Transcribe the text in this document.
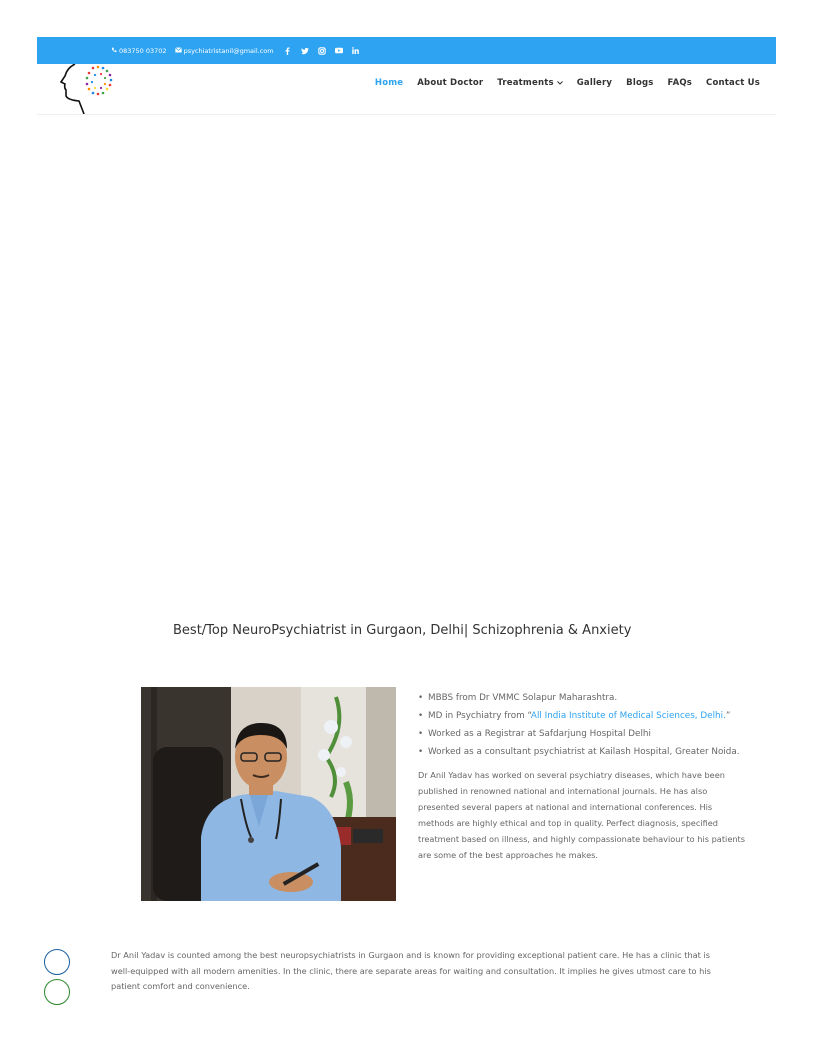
083750 03702	psychiatristanil@gmail.com
Home About Doctor Treatments	Gallery Blogs FAQs Contact Us
Best/Top NeuroPsychiatrist in Gurgaon, Delhi| Schizophrenia & Anxiety
• MBBS from Dr VMMC Solapur Maharashtra.
• MD in Psychiatry from “All India Institute of Medical Sciences, Delhi.”
• Worked as a Registrar at Safdarjung Hospital Delhi
• Worked as a consultant psychiatrist at Kailash Hospital, Greater Noida.

Dr Anil Yadav has worked on several psychiatry diseases, which have been published in renowned national and international journals. He has also presented several papers at national and international conferences. His methods are highly ethical and top in quality. Perfect diagnosis, specified treatment based on illness, and highly compassionate behaviour to his patients are some of the best approaches he makes.

Dr Anil Yadav is counted among the best neuropsychiatrists in Gurgaon and is known for providing exceptional patient care. He has a clinic that is well-equipped with all modern amenities. In the clinic, there are separate areas for waiting and consultation. It implies he gives utmost care to his patient comfort and convenience.
